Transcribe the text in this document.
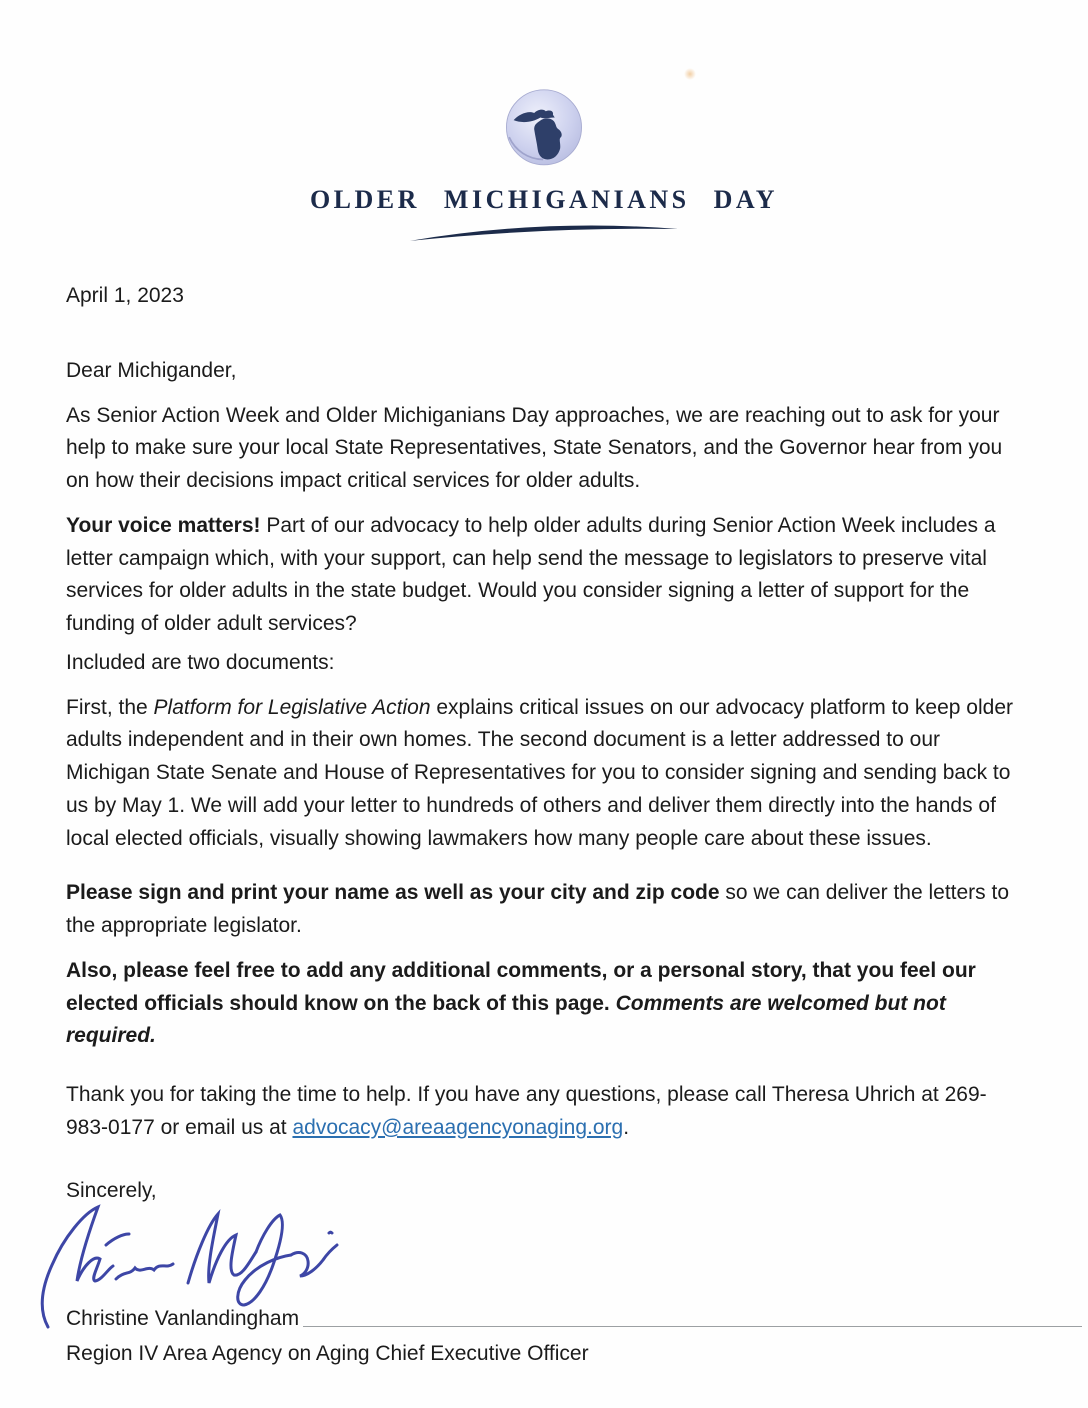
OLDER MICHIGANIANS DAY
April 1, 2023
Dear Michigander,

As Senior Action Week and Older Michiganians Day approaches, we are reaching out to ask for your help to make sure your local State Representatives, State Senators, and the Governor hear from you on how their decisions impact critical services for older adults.

Your voice matters! Part of our advocacy to help older adults during Senior Action Week includes a letter campaign which, with your support, can help send the message to legislators to preserve vital services for older adults in the state budget. Would you consider signing a letter of support for the funding of older adult services?

Included are two documents:

First, the Platform for Legislative Action explains critical issues on our advocacy platform to keep older adults independent and in their own homes. The second document is a letter addressed to our Michigan State Senate and House of Representatives for you to consider signing and sending back to us by May 1. We will add your letter to hundreds of others and deliver them directly into the hands of local elected officials, visually showing lawmakers how many people care about these issues.

Please sign and print your name as well as your city and zip code so we can deliver the letters to the appropriate legislator.

Also, please feel free to add any additional comments, or a personal story, that you feel our elected officials should know on the back of this page. Comments are welcomed but not required.

Thank you for taking the time to help. If you have any questions, please call Theresa Uhrich at 269-983-0177 or email us at advocacy@areaagencyonaging.org.

Sincerely,
Christine Vanlandingham
Region IV Area Agency on Aging Chief Executive Officer
